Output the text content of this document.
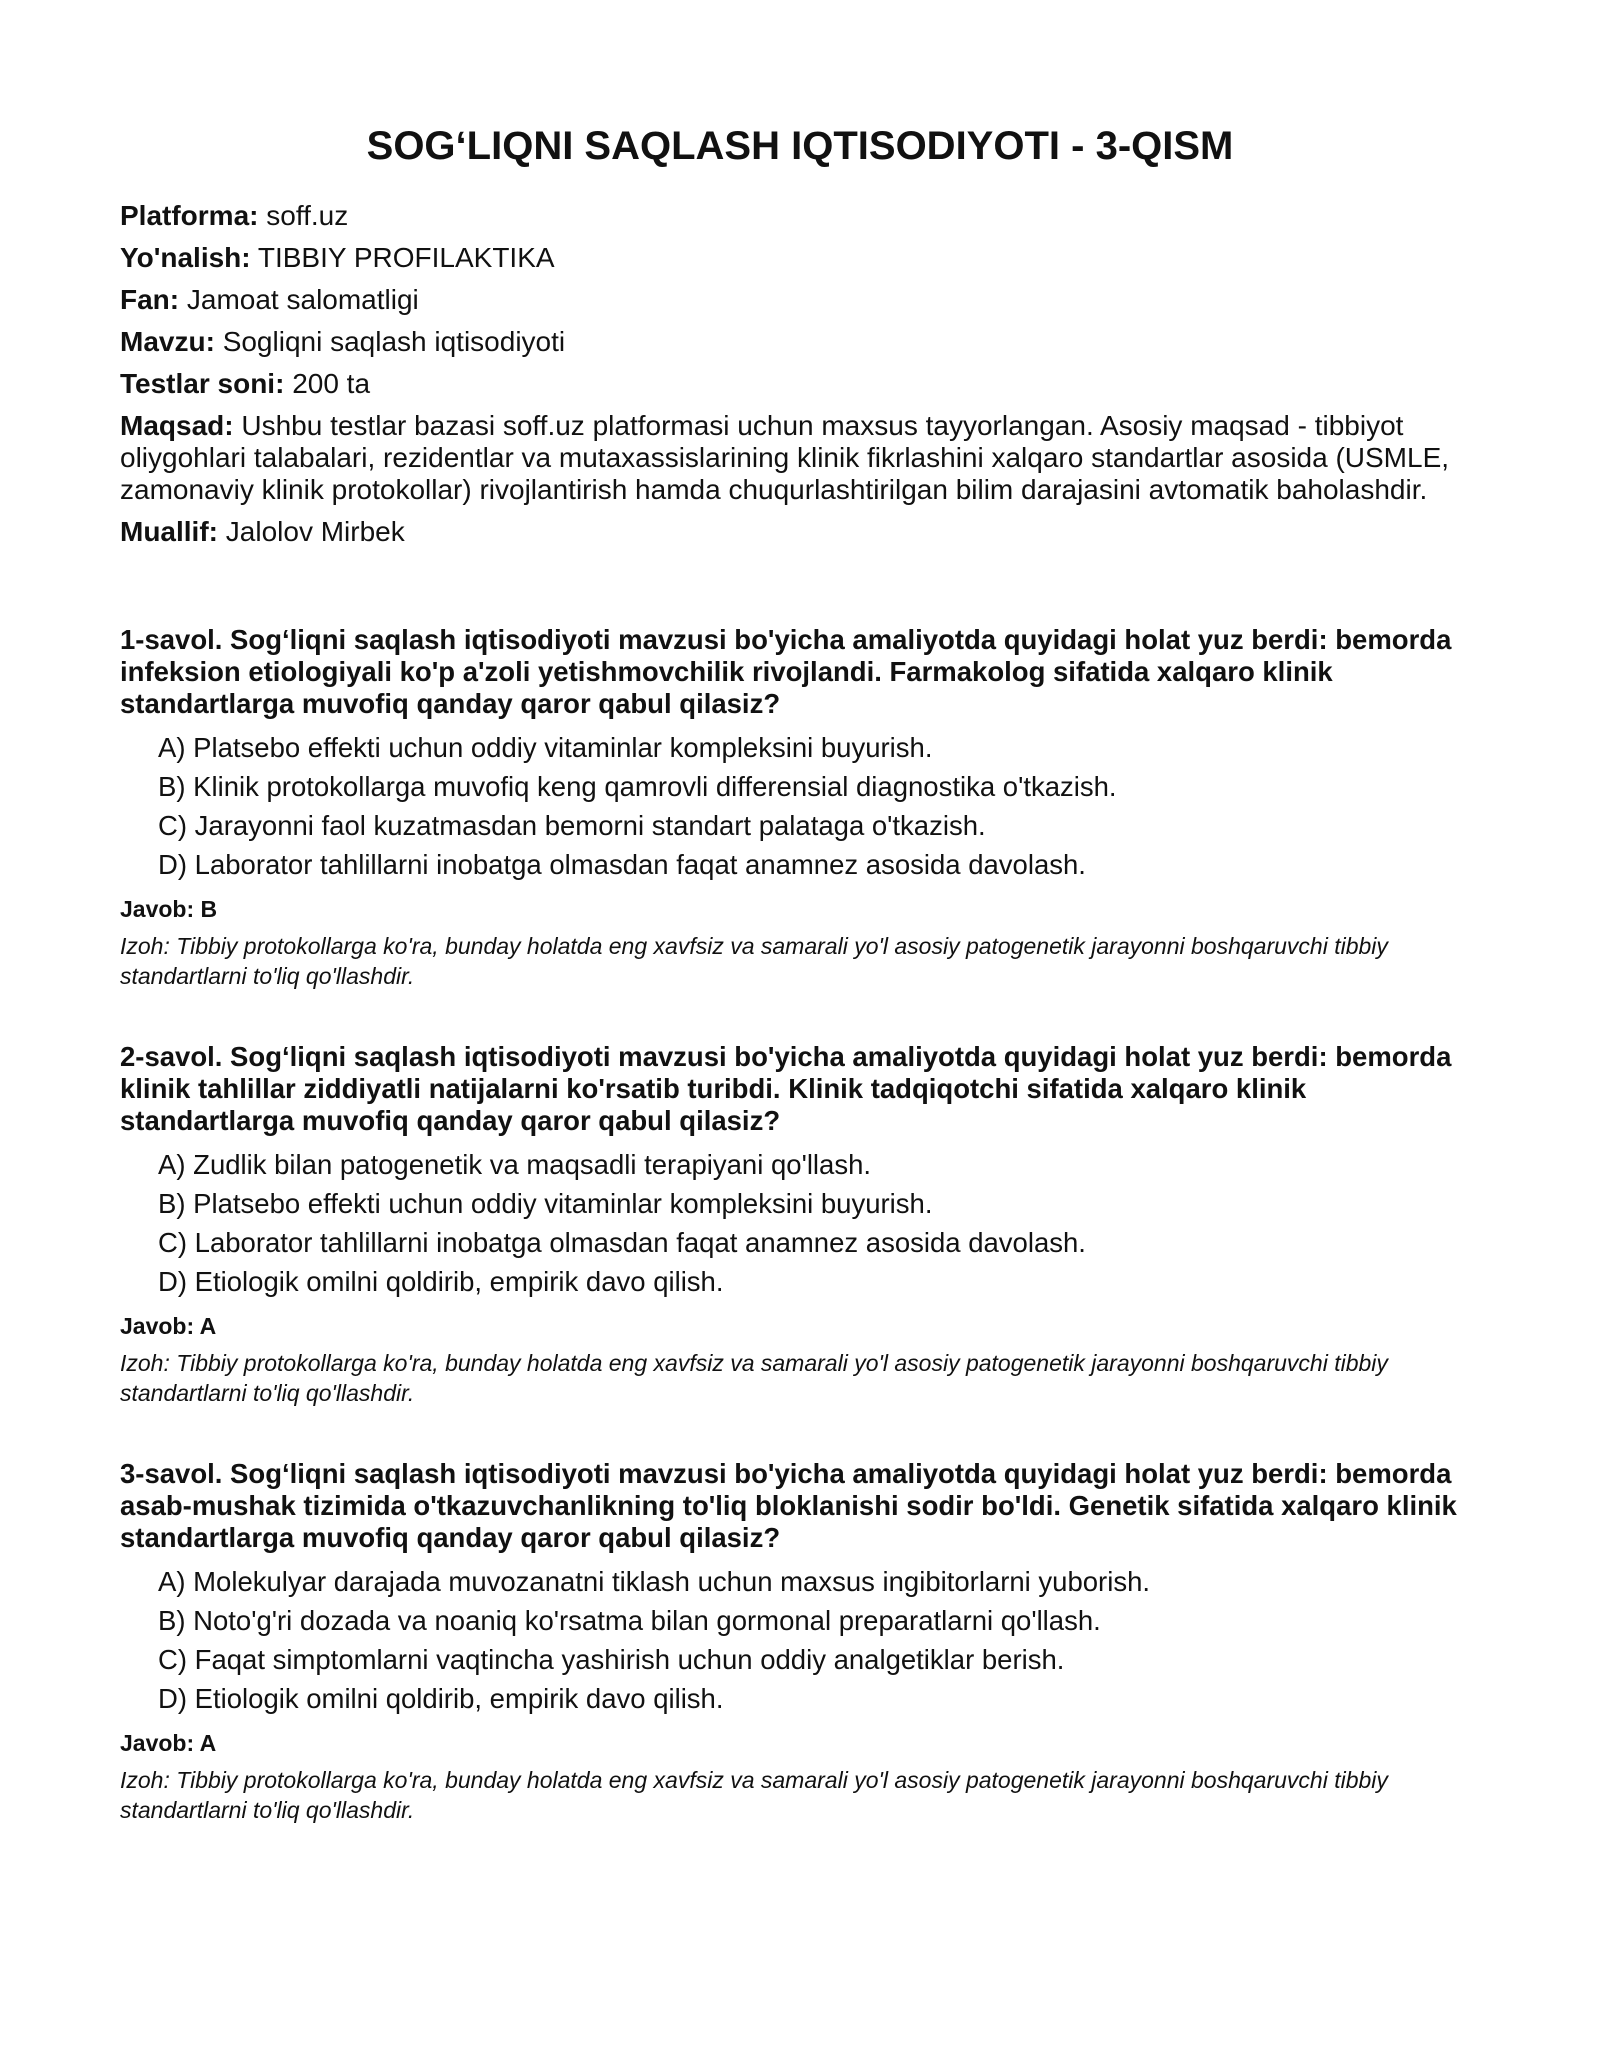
SOG‘LIQNI SAQLASH IQTISODIYOTI - 3-QISM
Platforma: soff.uz
Yo'nalish: TIBBIY PROFILAKTIKA
Fan: Jamoat salomatligi
Mavzu: Sogliqni saqlash iqtisodiyoti
Testlar soni: 200 ta
Maqsad: Ushbu testlar bazasi soff.uz platformasi uchun maxsus tayyorlangan. Asosiy maqsad - tibbiyot oliygohlari talabalari, rezidentlar va mutaxassislarining klinik fikrlashini xalqaro standartlar asosida (USMLE, zamonaviy klinik protokollar) rivojlantirish hamda chuqurlashtirilgan bilim darajasini avtomatik baholashdir.
Muallif: Jalolov Mirbek

1-savol. Sog‘liqni saqlash iqtisodiyoti mavzusi bo'yicha amaliyotda quyidagi holat yuz berdi: bemorda infeksion etiologiyali ko'p a'zoli yetishmovchilik rivojlandi. Farmakolog sifatida xalqaro klinik standartlarga muvofiq qanday qaror qabul qilasiz?

A) Platsebo effekti uchun oddiy vitaminlar kompleksini buyurish.
B) Klinik protokollarga muvofiq keng qamrovli differensial diagnostika o'tkazish.
C) Jarayonni faol kuzatmasdan bemorni standart palataga o'tkazish.
D) Laborator tahlillarni inobatga olmasdan faqat anamnez asosida davolash.
Javob: B
Izoh: Tibbiy protokollarga ko'ra, bunday holatda eng xavfsiz va samarali yo'l asosiy patogenetik jarayonni boshqaruvchi tibbiy standartlarni to'liq qo'llashdir.

2-savol. Sog‘liqni saqlash iqtisodiyoti mavzusi bo'yicha amaliyotda quyidagi holat yuz berdi: bemorda klinik tahlillar ziddiyatli natijalarni ko'rsatib turibdi. Klinik tadqiqotchi sifatida xalqaro klinik standartlarga muvofiq qanday qaror qabul qilasiz?

A) Zudlik bilan patogenetik va maqsadli terapiyani qo'llash.
B) Platsebo effekti uchun oddiy vitaminlar kompleksini buyurish.
C) Laborator tahlillarni inobatga olmasdan faqat anamnez asosida davolash.
D) Etiologik omilni qoldirib, empirik davo qilish.
Javob: A
Izoh: Tibbiy protokollarga ko'ra, bunday holatda eng xavfsiz va samarali yo'l asosiy patogenetik jarayonni boshqaruvchi tibbiy standartlarni to'liq qo'llashdir.

3-savol. Sog‘liqni saqlash iqtisodiyoti mavzusi bo'yicha amaliyotda quyidagi holat yuz berdi: bemorda asab-mushak tizimida o'tkazuvchanlikning to'liq bloklanishi sodir bo'ldi. Genetik sifatida xalqaro klinik standartlarga muvofiq qanday qaror qabul qilasiz?

A) Molekulyar darajada muvozanatni tiklash uchun maxsus ingibitorlarni yuborish.
B) Noto'g'ri dozada va noaniq ko'rsatma bilan gormonal preparatlarni qo'llash.
C) Faqat simptomlarni vaqtincha yashirish uchun oddiy analgetiklar berish.
D) Etiologik omilni qoldirib, empirik davo qilish.
Javob: A
Izoh: Tibbiy protokollarga ko'ra, bunday holatda eng xavfsiz va samarali yo'l asosiy patogenetik jarayonni boshqaruvchi tibbiy standartlarni to'liq qo'llashdir.
